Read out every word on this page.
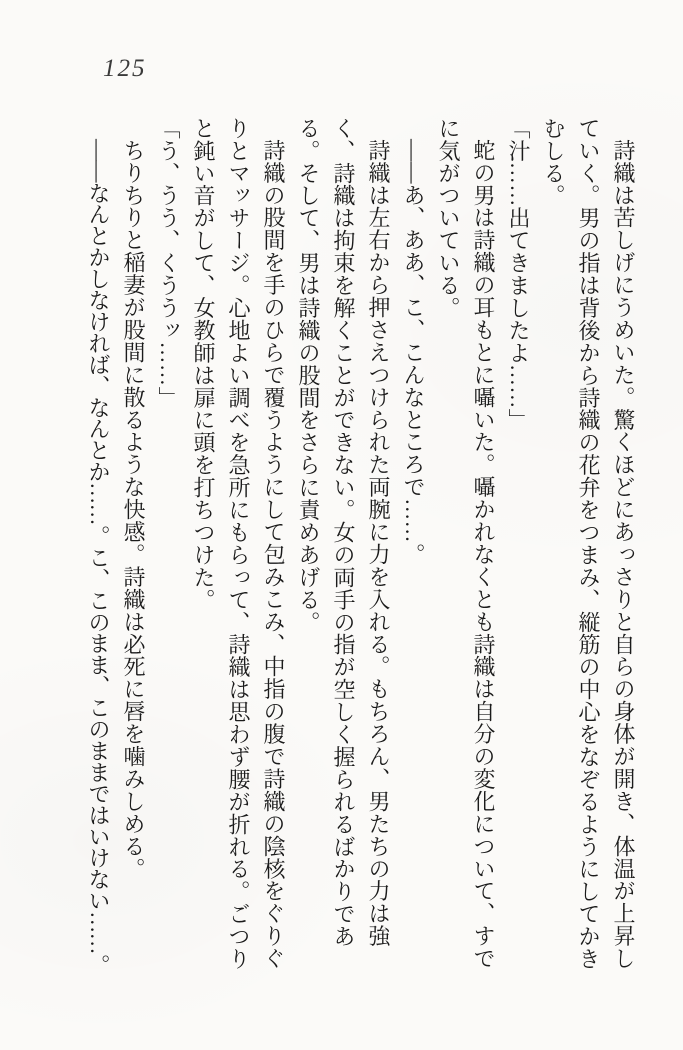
125

詩織は苦しげにうめいた。驚くほどにあっさりと自らの身体が開き、体温が上昇していく。男の指は背後から詩織の花弁をつまみ、縦筋の中心をなぞるようにしてかきむしる。

「汁……出てきましたよ……」

蛇の男は詩織の耳もとに囁いた。囁かれなくとも詩織は自分の変化について、すでに気がついている。

――あ、ああ、こ、こんなところで……。

詩織は左右から押さえつけられた両腕に力を入れる。もちろん、男たちの力は強く、詩織は拘束を解くことができない。女の両手の指が空しく握られるばかりである。そして、男は詩織の股間をさらに責めあげる。

詩織の股間を手のひらで覆うようにして包みこみ、中指の腹で詩織の陰核をぐりぐりとマッサージ。心地よい調べを急所にもらって、詩織は思わず腰が折れる。ごつりと鈍い音がして、女教師は扉に頭を打ちつけた。

「う、うう、くううッ……」

ちりちりと稲妻が股間に散るような快感。詩織は必死に唇を噛みしめる。

――なんとかしなければ、なんとか……。こ、このまま、このままではいけない……。
